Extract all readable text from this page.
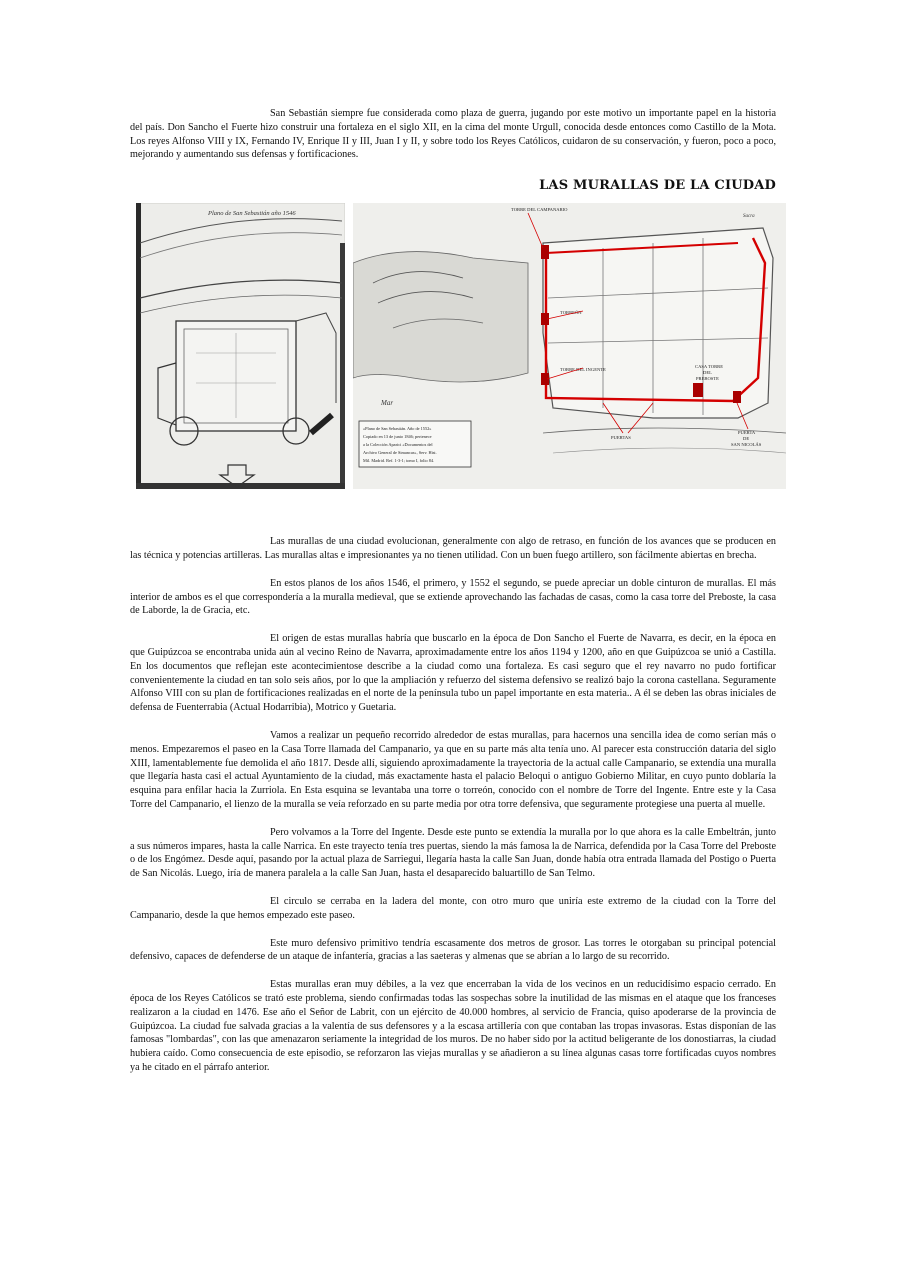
San Sebastián siempre fue considerada como plaza de guerra, jugando por este motivo un importante papel en la historia del país. Don Sancho el Fuerte hizo construir una fortaleza en el siglo XII, en la cima del monte Urgull, conocida desde entonces como Castillo de la Mota. Los reyes Alfonso VIII y IX, Fernando IV, Enrique II y III, Juan I y II, y sobre todo los Reyes Católicos, cuidaron de su conservación, y fueron, poco a poco, mejorando y aumentando sus defensas y fortificaciones.

LAS MURALLAS DE LA CIUDAD
Plano de San Sebastián año 1546
TORRE DEL CAMPANARIO
TORREÓN
TORRE DEL INGENTE
CASA TORRE
DEL
PREBOSTE
PUERTAS
PUERTA
DE
SAN NICOLÁS
Mar
Sacra
«Plano de San Sebastián. Año de 1552»
Copiado en 13 de junio 1846; pertenece
a la Colección Aparici «Documentos del
Archivo General de Simancas», Serv. Hist.
Mil. Madrid. Ref. 1-3-1; tomo I, folio 84.

Las murallas de una ciudad evolucionan, generalmente con algo de retraso, en función de los avances que se producen en las técnica y potencias artilleras. Las murallas altas e impresionantes ya no tienen utilidad. Con un buen fuego artillero, son fácilmente abiertas en brecha.

En estos planos de los años 1546, el primero, y 1552 el segundo, se puede apreciar un doble cinturon de murallas. El más interior de ambos es el que correspondería a la muralla medieval, que se extiende aprovechando las fachadas de casas, como la casa torre del Preboste, la casa de Laborde, la de Gracia, etc.

El origen de estas murallas habría que buscarlo en la época de Don Sancho el Fuerte de Navarra, es decir, en la época en que Guipúzcoa se encontraba unida aún al vecino Reino de Navarra, aproximadamente entre los años 1194 y 1200, año en que Guipúzcoa se unió a Castilla. En los documentos que reflejan este acontecimientose describe a la ciudad como una fortaleza. Es casi seguro que el rey navarro no pudo fortificar convenientemente la ciudad en tan solo seis años, por lo que la ampliación y refuerzo del sistema defensivo se realizó bajo la corona castellana. Seguramente Alfonso VIII con su plan de fortificaciones realizadas en el norte de la península tubo un papel importante en esta materia.. A él se deben las obras iniciales de defensa de Fuenterrabia (Actual Hodarribia), Motrico y Guetaria.

Vamos a realizar un pequeño recorrido alrededor de estas murallas, para hacernos una sencilla idea de como serían más o menos. Empezaremos el paseo en la Casa Torre llamada del Campanario, ya que en su parte más alta tenía uno. Al parecer esta construcción dataria del siglo XIII, lamentablemente fue demolida el año 1817. Desde allí, siguiendo aproximadamente la trayectoria de la actual calle Campanario, se extendía una muralla que llegaría hasta casi el actual Ayuntamiento de la ciudad, más exactamente hasta el palacio Beloqui o antiguo Gobierno Militar, en cuyo punto doblaría la esquina para enfilar hacia la Zurriola. En Esta esquina se levantaba una torre o torreón, conocido con el nombre de Torre del Ingente. Entre este y la Casa Torre del Campanario, el lienzo de la muralla se veía reforzado en su parte media por otra torre defensiva, que seguramente protegiese una puerta al muelle.

Pero volvamos a la Torre del Ingente. Desde este punto se extendía la muralla por lo que ahora es la calle Embeltrán, junto a sus números impares, hasta la calle Narrica. En este trayecto tenía tres puertas, siendo la más famosa la de Narrica, defendida por la Casa Torre del Preboste o de los Engómez. Desde aquí, pasando por la actual plaza de Sarriegui, llegaría hasta la calle San Juan, donde había otra entrada llamada del Postigo o Puerta de San Nicolás. Luego, iría de manera paralela a la calle San Juan, hasta el desaparecido baluartillo de San Telmo.

El circulo se cerraba en la ladera del monte, con otro muro que uniría este extremo de la ciudad con la Torre del Campanario, desde la que hemos empezado este paseo.

Este muro defensivo primitivo tendría escasamente dos metros de grosor. Las torres le otorgaban su principal potencial defensivo, capaces de defenderse de un ataque de infantería, gracias a las saeteras y almenas que se abrían a lo largo de su recorrido.

Estas murallas eran muy débiles, a la vez que encerraban la vida de los vecinos en un reducidísimo espacio cerrado. En época de los Reyes Católicos se trató este problema, siendo confirmadas todas las sospechas sobre la inutilidad de las mismas en el ataque que los franceses realizaron a la ciudad en 1476. Ese año el Señor de Labrit, con un ejército de 40.000 hombres, al servicio de Francia, quiso apoderarse de la provincia de Guipúzcoa. La ciudad fue salvada gracias a la valentía de sus defensores y a la escasa artillería con que contaban las tropas invasoras. Estas disponían de las famosas "lombardas", con las que amenazaron seriamente la integridad de los muros. De no haber sido por la actitud beligerante de los donostiarras, la ciudad hubiera caído. Como consecuencia de este episodio, se reforzaron las viejas murallas y se añadieron a su línea algunas casas torre fortificadas cuyos nombres ya he citado en el párrafo anterior.
